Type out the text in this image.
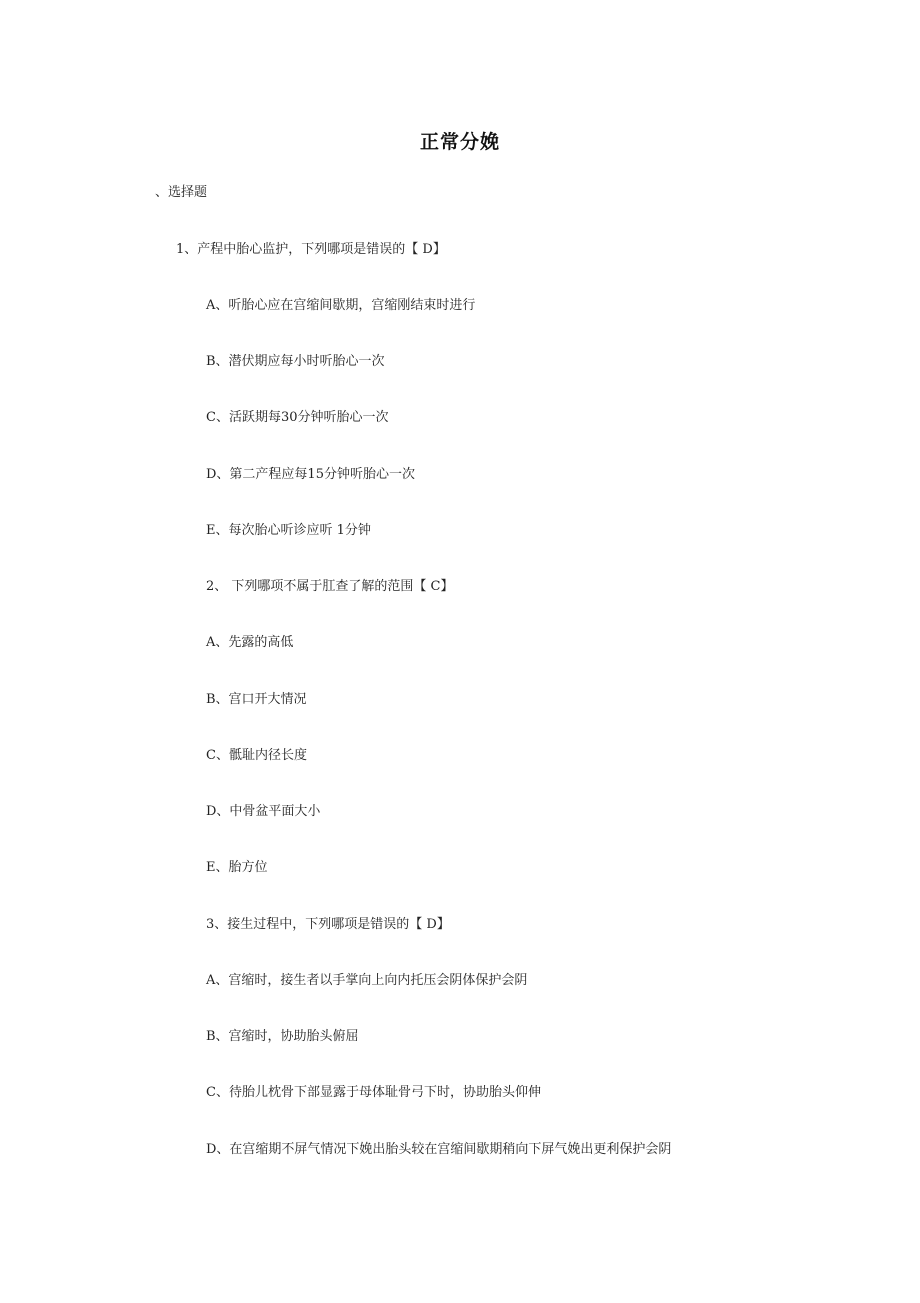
正常分娩
、选择题
1、产程中胎心监护，下列哪项是错误的【 D】
A、听胎心应在宫缩间歇期，宫缩刚结束时进行
B、潜伏期应每小时听胎心一次
C、活跃期每30分钟听胎心一次
D、第二产程应每15分钟听胎心一次
E、每次胎心听诊应听 1分钟
2、 下列哪项不属于肛查了解的范围【 C】
A、先露的高低
B、宫口开大情况
C、骶耻内径长度
D、中骨盆平面大小
E、胎方位
3、接生过程中，下列哪项是错误的【 D】
A、宫缩时，接生者以手掌向上向内托压会阴体保护会阴
B、宫缩时，协助胎头俯屈
C、待胎儿枕骨下部显露于母体耻骨弓下时，协助胎头仰伸
D、在宫缩期不屏气情况下娩出胎头较在宫缩间歇期稍向下屏气娩出更利保护会阴
